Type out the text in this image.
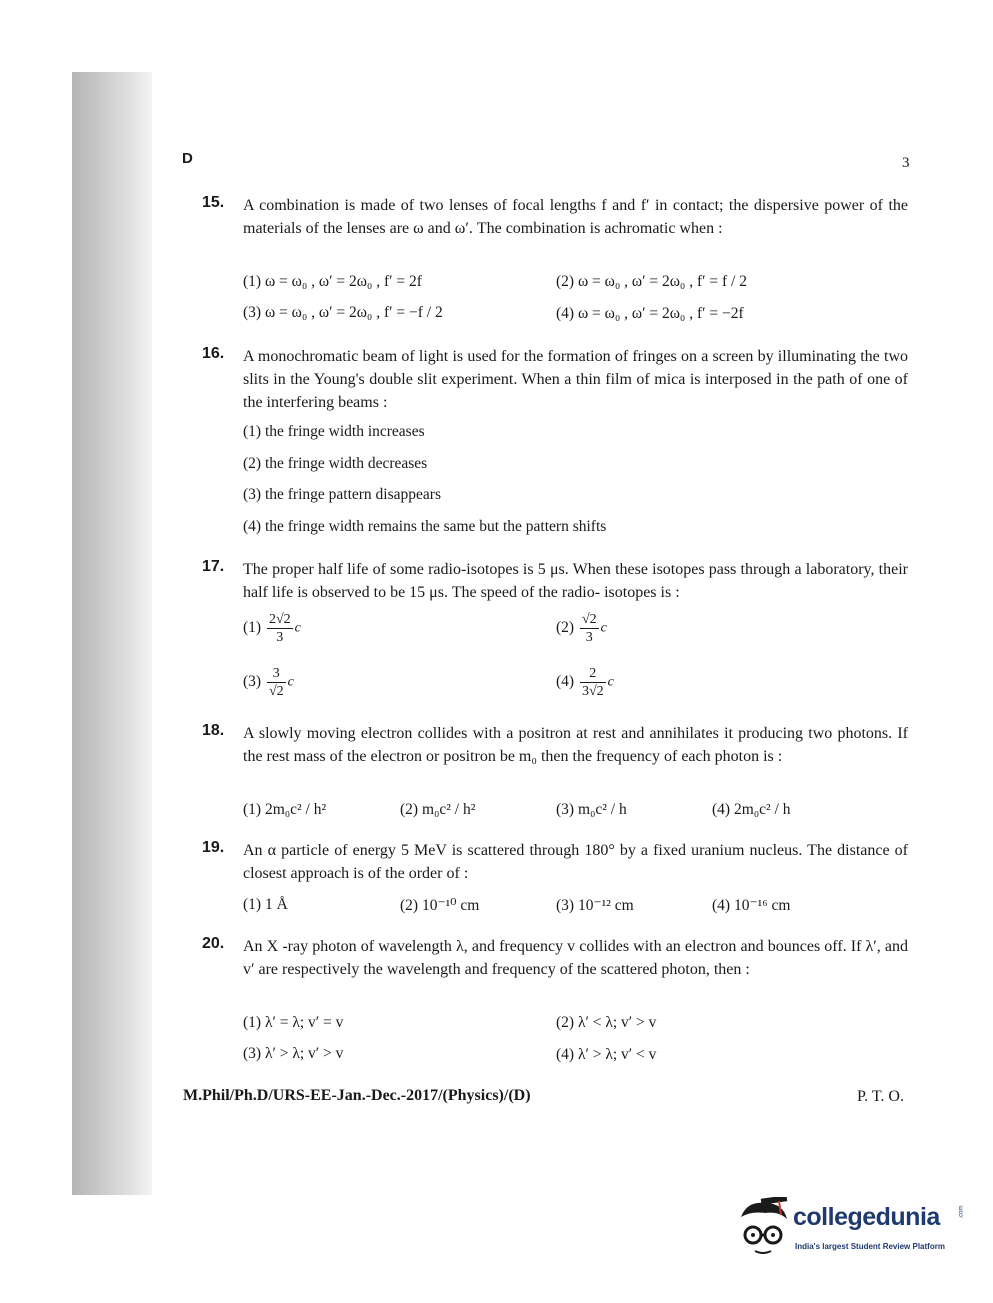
D	3
15. A combination is made of two lenses of focal lengths f and f′ in contact; the dispersive power of the materials of the lenses are ω and ω′. The combination is achromatic when :
(1) ω = ω₀ , ω′ = 2ω₀ , f′ = 2f	(2) ω = ω₀ , ω′ = 2ω₀ , f′ = f / 2
(3) ω = ω₀ , ω′ = 2ω₀ , f′ = −f / 2	(4) ω = ω₀ , ω′ = 2ω₀ , f′ = −2f
16. A monochromatic beam of light is used for the formation of fringes on a screen by illuminating the two slits in the Young's double slit experiment. When a thin film of mica is interposed in the path of one of the interfering beams :
(1) the fringe width increases
(2) the fringe width decreases
(3) the fringe pattern disappears
(4) the fringe width remains the same but the pattern shifts
17. The proper half life of some radio-isotopes is 5 μs. When these isotopes pass through a laboratory, their half life is observed to be 15 μs. The speed of the radio- isotopes is :
$(1) \frac{2√2}{3}$ c	$(2) \frac{√2}{3}$ c
$(3) \frac{3}{√2}$ c	$(4) \frac{2}{3√2}$ c
18. A slowly moving electron collides with a positron at rest and annihilates it producing two photons. If the rest mass of the electron or positron be m₀ then the frequency of each photon is :
(1) 2m₀c² / h²	(2) m₀c² / h²	(3) m₀c² / h	(4) 2m₀c² / h
19. An α particle of energy 5 MeV is scattered through 180° by a fixed uranium nucleus. The distance of closest approach is of the order of :
(1) 1 Å	(2) 10⁻¹⁰ cm	(3) 10⁻¹² cm	(4) 10⁻¹⁶ cm
20. An X -ray photon of wavelength λ, and frequency v collides with an electron and bounces off. If λ′, and v′ are respectively the wavelength and frequency of the scattered photon, then :
(1) λ′ = λ; v′ = v	(2) λ′ < λ; v′ > v
(3) λ′ > λ; v′ > v	(4) λ′ > λ; v′ < v
M.Phil/Ph.D/URS-EE-Jan.-Dec.-2017/(Physics)/(D)	P. T. O.
collegedunia	.com
India's largest Student Review Platform
